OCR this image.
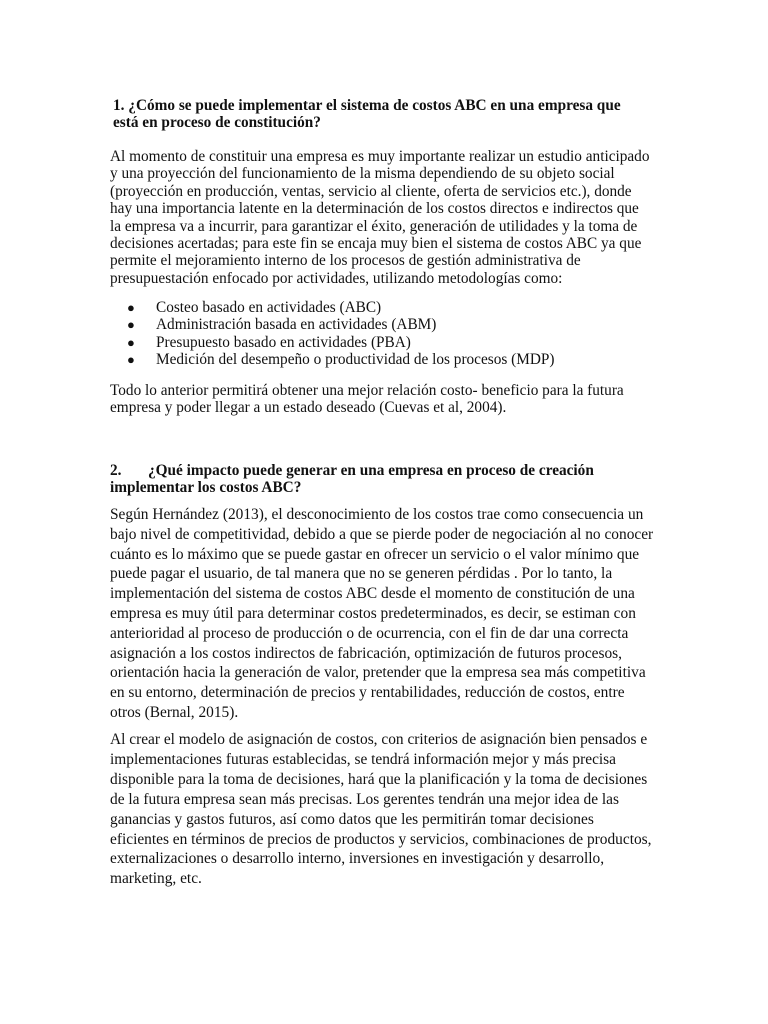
1. ¿Cómo se puede implementar el sistema de costos ABC en una empresa que
está en proceso de constitución?
Al momento de constituir una empresa es muy importante realizar un estudio anticipado
y una proyección del funcionamiento de la misma dependiendo de su objeto social
(proyección en producción, ventas, servicio al cliente, oferta de servicios etc.), donde
hay una importancia latente en la determinación de los costos directos e indirectos que
la empresa va a incurrir, para garantizar el éxito, generación de utilidades y la toma de
decisiones acertadas; para este fin se encaja muy bien el sistema de costos ABC ya que
permite el mejoramiento interno de los procesos de gestión administrativa de
presupuestación enfocado por actividades, utilizando metodologías como:
● Costeo basado en actividades (ABC)
● Administración basada en actividades (ABM)
● Presupuesto basado en actividades (PBA)
● Medición del desempeño o productividad de los procesos (MDP)
Todo lo anterior permitirá obtener una mejor relación costo- beneficio para la futura
empresa y poder llegar a un estado deseado (Cuevas et al, 2004).
2. ¿Qué impacto puede generar en una empresa en proceso de creación
implementar los costos ABC?
Según Hernández (2013), el desconocimiento de los costos trae como consecuencia un
bajo nivel de competitividad, debido a que se pierde poder de negociación al no conocer
cuánto es lo máximo que se puede gastar en ofrecer un servicio o el valor mínimo que
puede pagar el usuario, de tal manera que no se generen pérdidas . Por lo tanto, la
implementación del sistema de costos ABC desde el momento de constitución de una
empresa es muy útil para determinar costos predeterminados, es decir, se estiman con
anterioridad al proceso de producción o de ocurrencia, con el fin de dar una correcta
asignación a los costos indirectos de fabricación, optimización de futuros procesos,
orientación hacia la generación de valor, pretender que la empresa sea más competitiva
en su entorno, determinación de precios y rentabilidades, reducción de costos, entre
otros (Bernal, 2015).
Al crear el modelo de asignación de costos, con criterios de asignación bien pensados e
implementaciones futuras establecidas, se tendrá información mejor y más precisa
disponible para la toma de decisiones, hará que la planificación y la toma de decisiones
de la futura empresa sean más precisas. Los gerentes tendrán una mejor idea de las
ganancias y gastos futuros, así como datos que les permitirán tomar decisiones
eficientes en términos de precios de productos y servicios, combinaciones de productos,
externalizaciones o desarrollo interno, inversiones en investigación y desarrollo,
marketing, etc.
